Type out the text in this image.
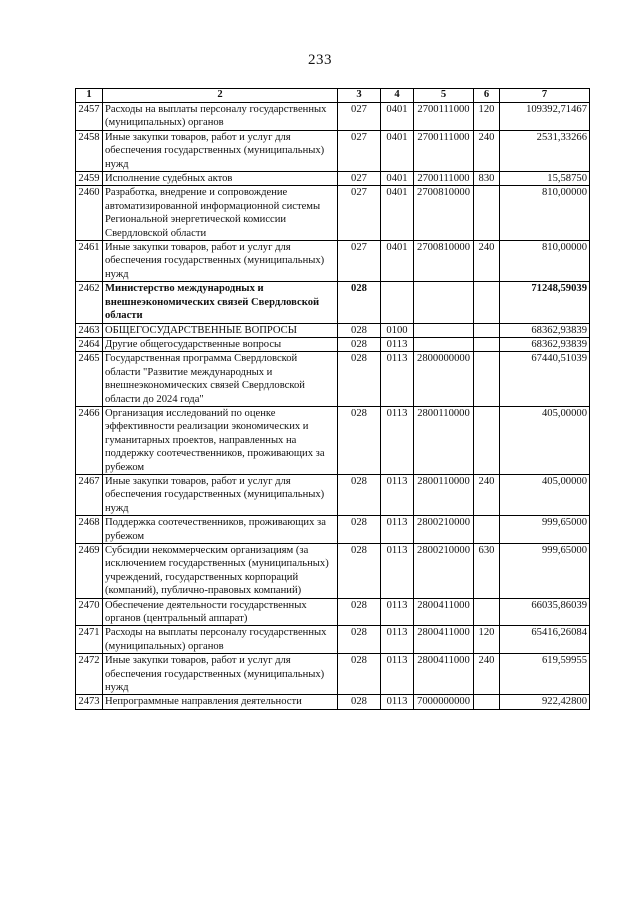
233
1	2	3	4	5	6	7
2457	Расходы на выплаты персоналу государственных (муниципальных) органов	027	0401	2700111000	120	109392,71467
2458	Иные закупки товаров, работ и услуг для обеспечения государственных (муниципальных) нужд	027	0401	2700111000	240	2531,33266
2459	Исполнение судебных актов	027	0401	2700111000	830	15,58750
2460	Разработка, внедрение и сопровождение автоматизированной информационной системы Региональной энергетической комиссии Свердловской области	027	0401	2700810000		810,00000
2461	Иные закупки товаров, работ и услуг для обеспечения государственных (муниципальных) нужд	027	0401	2700810000	240	810,00000
2462	Министерство международных и внешнеэкономических связей Свердловской области	028				71248,59039
2463	ОБЩЕГОСУДАРСТВЕННЫЕ ВОПРОСЫ	028	0100			68362,93839
2464	Другие общегосударственные вопросы	028	0113			68362,93839
2465	Государственная программа Свердловской области "Развитие международных и внешнеэкономических связей Свердловской области до 2024 года"	028	0113	2800000000		67440,51039
2466	Организация исследований по оценке эффективности реализации экономических и гуманитарных проектов, направленных на поддержку соотечественников, проживающих за рубежом	028	0113	2800110000		405,00000
2467	Иные закупки товаров, работ и услуг для обеспечения государственных (муниципальных) нужд	028	0113	2800110000	240	405,00000
2468	Поддержка соотечественников, проживающих за рубежом	028	0113	2800210000		999,65000
2469	Субсидии некоммерческим организациям (за исключением государственных (муниципальных) учреждений, государственных корпораций (компаний), публично-правовых компаний)	028	0113	2800210000	630	999,65000
2470	Обеспечение деятельности государственных органов (центральный аппарат)	028	0113	2800411000		66035,86039
2471	Расходы на выплаты персоналу государственных (муниципальных) органов	028	0113	2800411000	120	65416,26084
2472	Иные закупки товаров, работ и услуг для обеспечения государственных (муниципальных) нужд	028	0113	2800411000	240	619,59955
2473	Непрограммные направления деятельности	028	0113	7000000000		922,42800
